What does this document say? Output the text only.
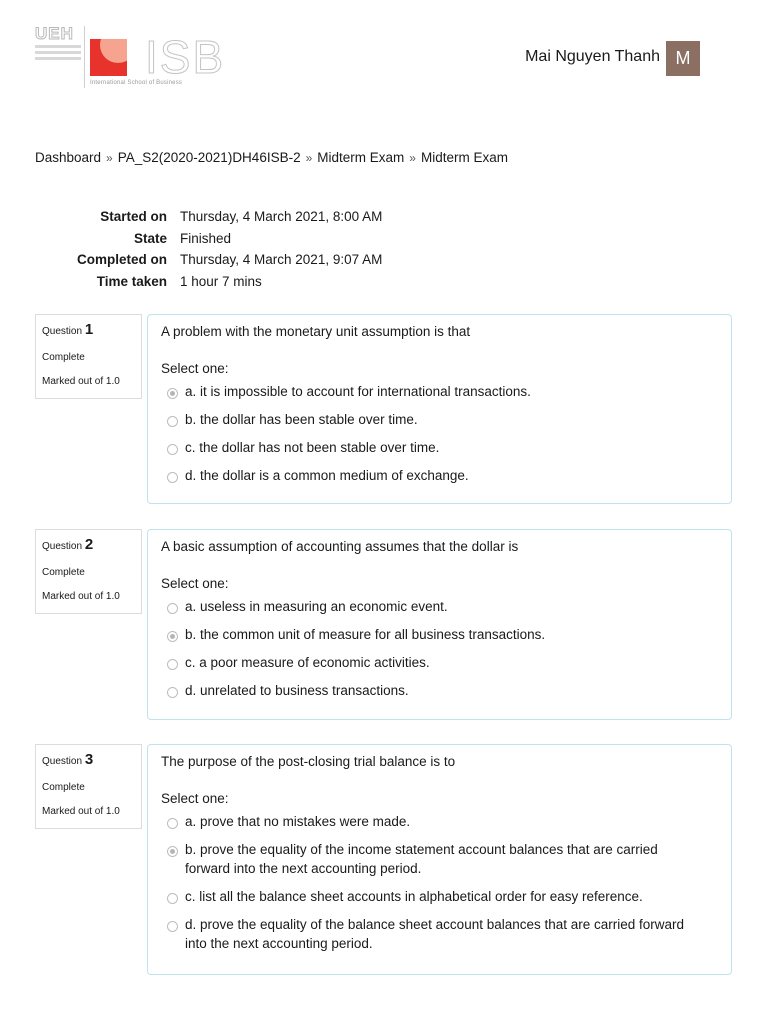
UEH ISB
International School of Business
Mai Nguyen Thanh M
Dashboard » PA_S2(2020-2021)DH46ISB-2 » Midterm Exam » Midterm Exam
Started on Thursday, 4 March 2021, 8:00 AM
State Finished
Completed on Thursday, 4 March 2021, 9:07 AM
Time taken 1 hour 7 mins
Question 1
Complete
Marked out of 1.0
A problem with the monetary unit assumption is that
Select one:
a. it is impossible to account for international transactions.
b. the dollar has been stable over time.
c. the dollar has not been stable over time.
d. the dollar is a common medium of exchange.
Question 2
Complete
Marked out of 1.0
A basic assumption of accounting assumes that the dollar is
Select one:
a. useless in measuring an economic event.
b. the common unit of measure for all business transactions.
c. a poor measure of economic activities.
d. unrelated to business transactions.
Question 3
Complete
Marked out of 1.0
The purpose of the post-closing trial balance is to
Select one:
a. prove that no mistakes were made.
b. prove the equality of the income statement account balances that are carried forward into the next accounting period.
c. list all the balance sheet accounts in alphabetical order for easy reference.
d. prove the equality of the balance sheet account balances that are carried forward into the next accounting period.
